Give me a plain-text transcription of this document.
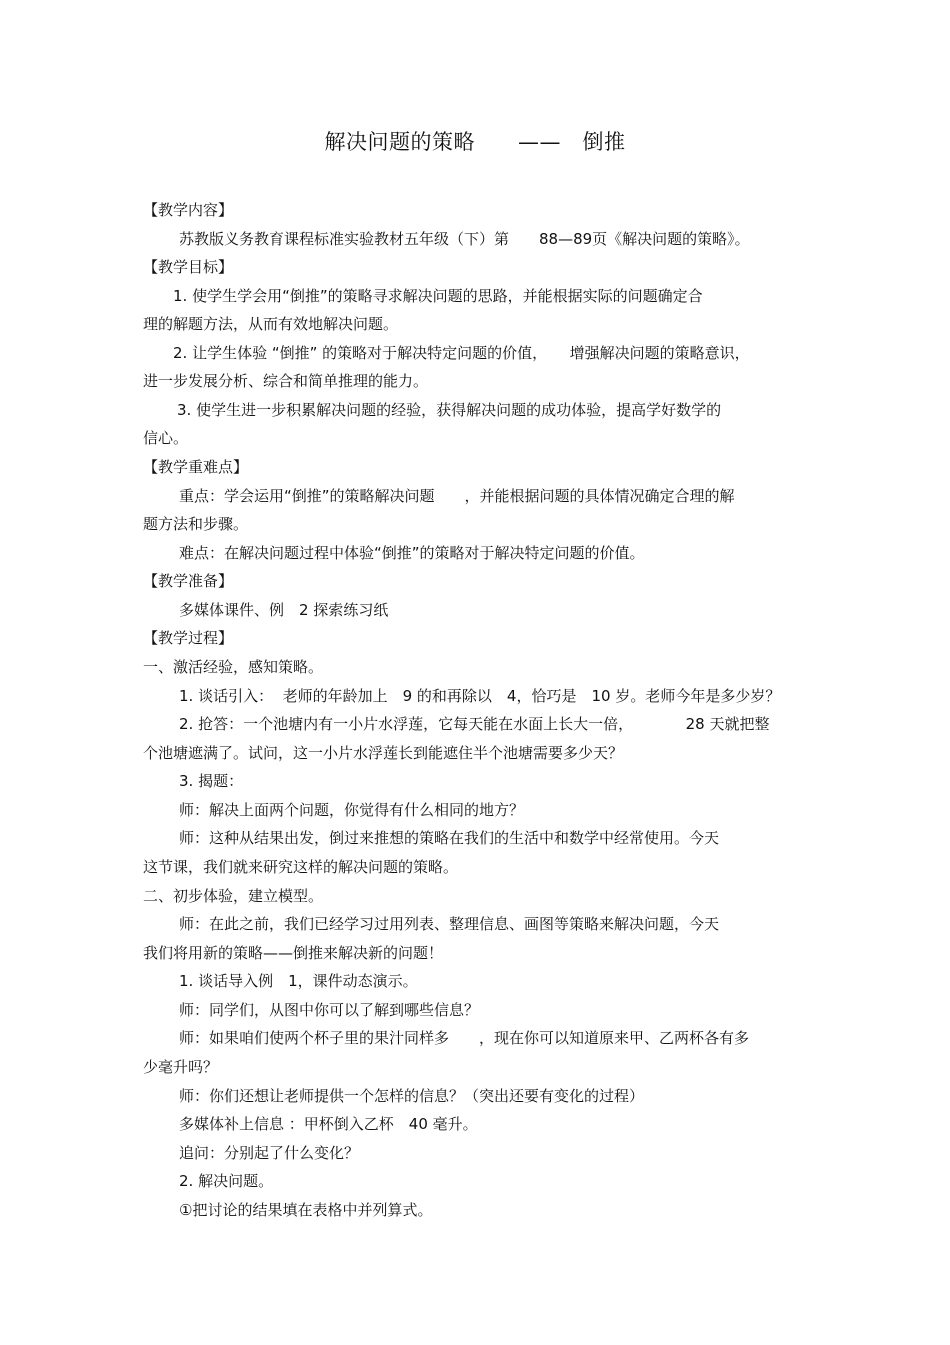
解决问题的策略　　——　倒推
【教学内容】
苏教版义务教育课程标准实验教材五年级（下）第　　88—89页《解决问题的策略》。
【教学目标】
1. 使学生学会用“倒推”的策略寻求解决问题的思路，并能根据实际的问题确定合
理的解题方法，从而有效地解决问题。
2. 让学生体验 “倒推” 的策略对于解决特定问题的价值，　　增强解决问题的策略意识，
进一步发展分析、综合和简单推理的能力。
3. 使学生进一步积累解决问题的经验，获得解决问题的成功体验，提高学好数学的
信心。
【教学重难点】
重点：学会运用“倒推”的策略解决问题　　，并能根据问题的具体情况确定合理的解
题方法和步骤。
难点：在解决问题过程中体验“倒推”的策略对于解决特定问题的价值。
【教学准备】
多媒体课件、例　2 探索练习纸
【教学过程】
一、激活经验，感知策略。
1. 谈话引入：  老师的年龄加上　9 的和再除以　4，恰巧是　10 岁。老师今年是多少岁？
2. 抢答：一个池塘内有一小片水浮莲，它每天能在水面上长大一倍，　　　　28 天就把整
个池塘遮满了。试问，这一小片水浮莲长到能遮住半个池塘需要多少天？
3. 揭题：
师：解决上面两个问题，你觉得有什么相同的地方？
师：这种从结果出发，倒过来推想的策略在我们的生活中和数学中经常使用。今天
这节课，我们就来研究这样的解决问题的策略。
二、初步体验，建立模型。
师：在此之前，我们已经学习过用列表、整理信息、画图等策略来解决问题，今天
我们将用新的策略——倒推来解决新的问题！
1. 谈话导入例　1，课件动态演示。
师：同学们，从图中你可以了解到哪些信息？
师：如果咱们使两个杯子里的果汁同样多　　，现在你可以知道原来甲、乙两杯各有多
少毫升吗？
师：你们还想让老师提供一个怎样的信息？（突出还要有变化的过程）
多媒体补上信息 ：甲杯倒入乙杯　40 毫升。
追问：分别起了什么变化？
2. 解决问题。
①把讨论的结果填在表格中并列算式。
